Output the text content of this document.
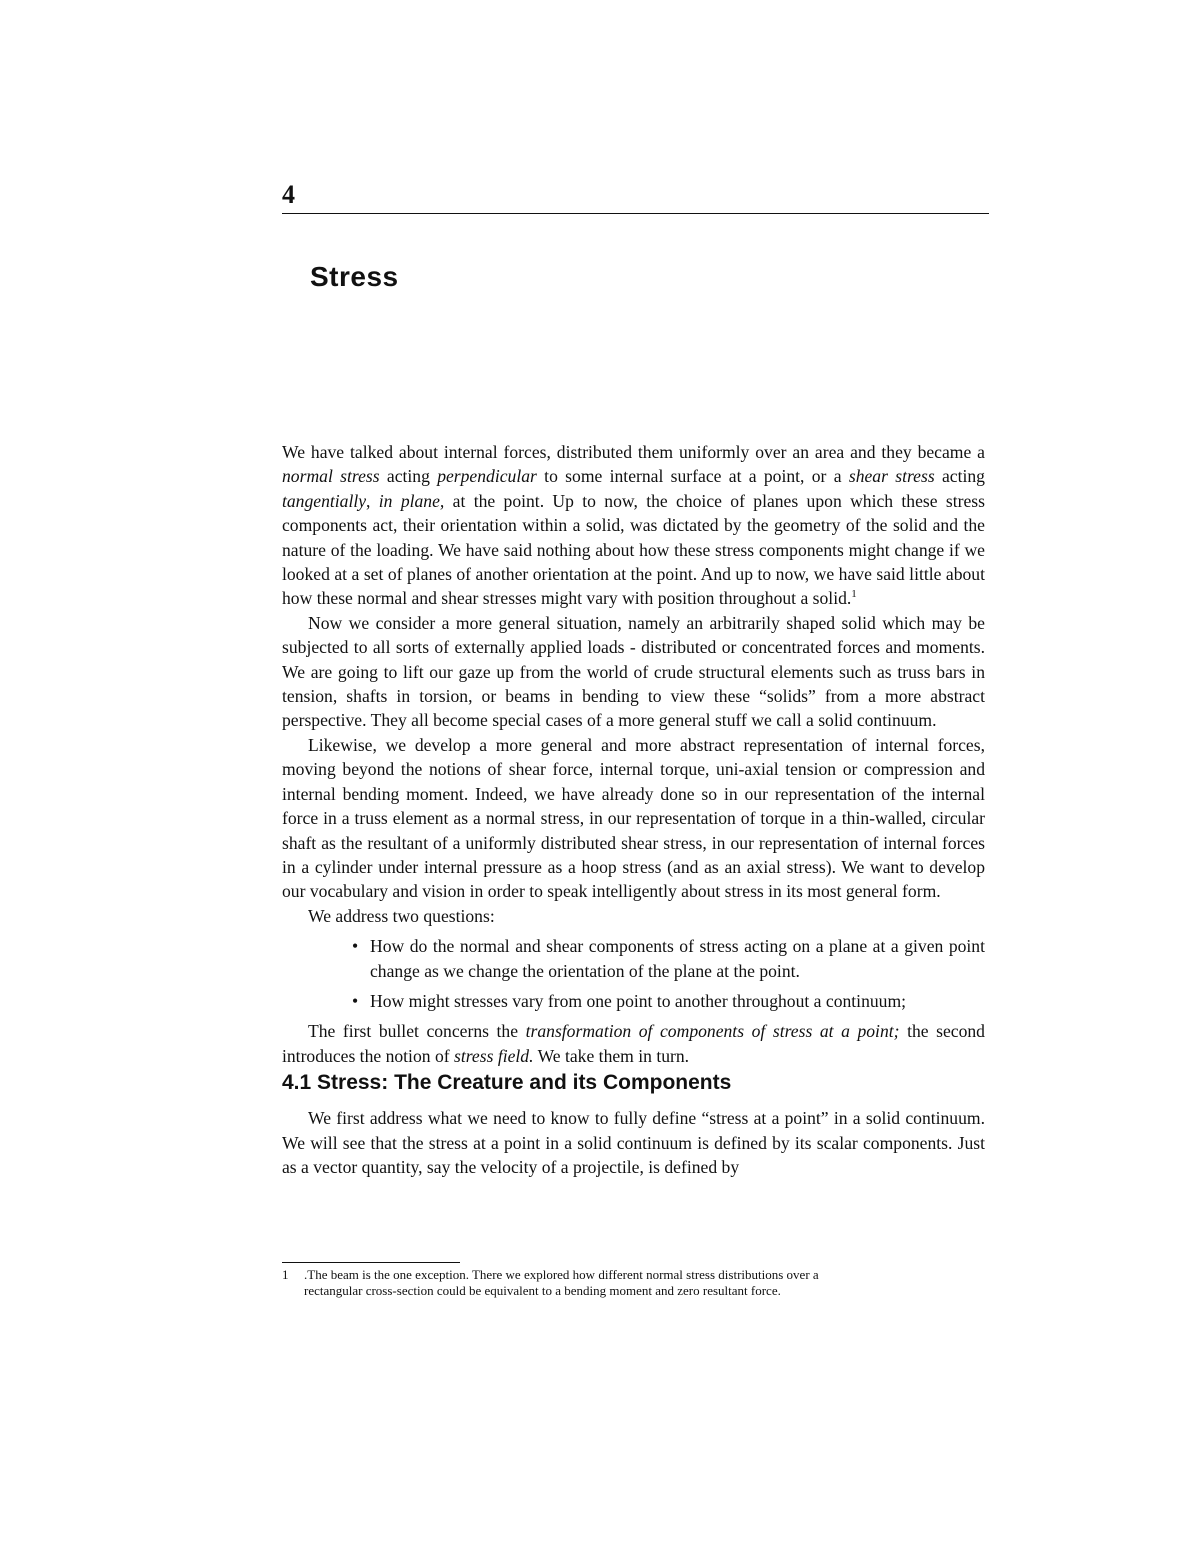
4
Stress

We have talked about internal forces, distributed them uniformly over an area and they became a normal stress acting perpendicular to some internal surface at a point, or a shear stress acting tangentially, in plane, at the point. Up to now, the choice of planes upon which these stress components act, their orientation within a solid, was dictated by the geometry of the solid and the nature of the loading. We have said nothing about how these stress components might change if we looked at a set of planes of another orientation at the point. And up to now, we have said little about how these normal and shear stresses might vary with position throughout a solid.$^1$

Now we consider a more general situation, namely an arbitrarily shaped solid which may be subjected to all sorts of externally applied loads - distributed or concentrated forces and moments. We are going to lift our gaze up from the world of crude structural elements such as truss bars in tension, shafts in torsion, or beams in bending to view these “solids” from a more abstract perspective. They all become special cases of a more general stuff we call a solid continuum.

Likewise, we develop a more general and more abstract representation of internal forces, moving beyond the notions of shear force, internal torque, uni-axial tension or compression and internal bending moment. Indeed, we have already done so in our representation of the internal force in a truss element as a normal stress, in our representation of torque in a thin-walled, circular shaft as the resultant of a uniformly distributed shear stress, in our representation of internal forces in a cylinder under internal pressure as a hoop stress (and as an axial stress). We want to develop our vocabulary and vision in order to speak intelligently about stress in its most general form.

We address two questions:

• How do the normal and shear components of stress acting on a plane at a given point change as we change the orientation of the plane at the point.
• How might stresses vary from one point to another throughout a continuum;

The first bullet concerns the transformation of components of stress at a point; the second introduces the notion of stress field. We take them in turn.

4.1 Stress: The Creature and its Components

We first address what we need to know to fully define “stress at a point” in a solid continuum. We will see that the stress at a point in a solid continuum is defined by its scalar components. Just as a vector quantity, say the velocity of a projectile, is defined by

1 .The beam is the one exception. There we explored how different normal stress distributions over a
rectangular cross-section could be equivalent to a bending moment and zero resultant force.
